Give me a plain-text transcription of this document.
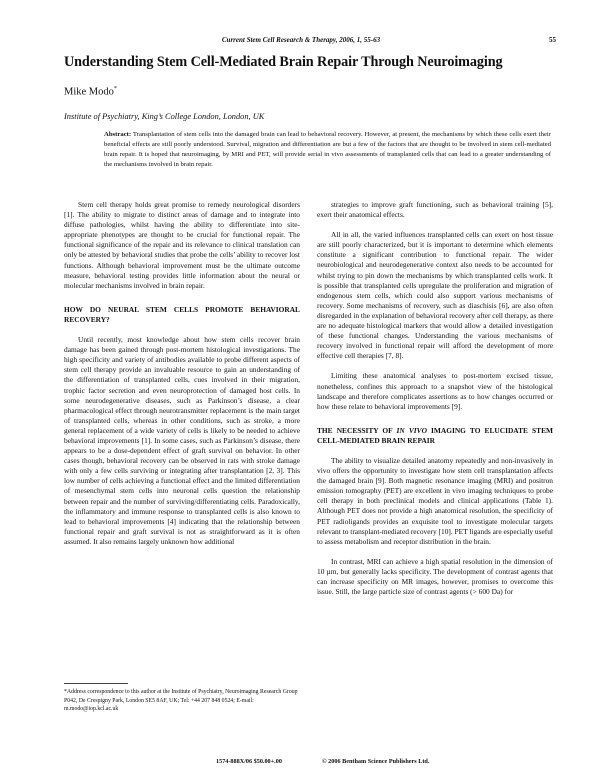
Current Stem Cell Research & Therapy, 2006, 1, 55-63	55
Understanding Stem Cell-Mediated Brain Repair Through Neuroimaging
Mike Modo*
Institute of Psychiatry, King’s College London, London, UK
Abstract: Transplantation of stem cells into the damaged brain can lead to behavioral recovery. However, at present, the mechanisms by which these cells exert their beneficial effects are still poorly understood. Survival, migration and differentiation are but a few of the factors that are thought to be involved in stem cell-mediated brain repair. It is hoped that neuroimaging, by MRI and PET, will provide serial in vivo assessments of transplanted cells that can lead to a greater understanding of the mechanisms involved in brain repair.

Stem cell therapy holds great promise to remedy neurological disorders [1]. The ability to migrate to distinct areas of damage and to integrate into diffuse pathologies, whilst having the ability to differentiate into site-appropriate phenotypes are thought to be crucial for functional repair. The functional significance of the repair and its relevance to clinical translation can only be attested by behavioral studies that probe the cells’ ability to recover lost functions. Although behavioral improvement must be the ultimate outcome measure, behavioral testing provides little information about the neural or molecular mechanisms involved in brain repair.

HOW DO NEURAL STEM CELLS PROMOTE BEHAVIORAL RECOVERY?

Until recently, most knowledge about how stem cells recover brain damage has been gained through post-mortem histological investigations. The high specificity and variety of antibodies available to probe different aspects of stem cell therapy provide an invaluable resource to gain an understanding of the differentiation of transplanted cells, cues involved in their migration, trophic factor secretion and even neuroprotection of damaged host cells. In some neurodegenerative diseases, such as Parkinson’s disease, a clear pharmacological effect through neurotransmitter replacement is the main target of transplanted cells, whereas in other conditions, such as stroke, a more general replacement of a wide variety of cells is likely to be needed to achieve behavioral improvements [1]. In some cases, such as Parkinson’s disease, there appears to be a dose-dependent effect of graft survival on behavior. In other cases though, behavioral recovery can be observed in rats with stroke damage with only a few cells surviving or integrating after transplantation [2, 3]. This low number of cells achieving a functional effect and the limited differentiation of mesenchymal stem cells into neuronal cells question the relationship between repair and the number of surviving/differentiating cells. Paradoxically, the inflammatory and immune response to transplanted cells is also known to lead to behavioral improvements [4] indicating that the relationship between functional repair and graft survival is not as straightforward as it is often assumed. It also remains largely unknown how additional

strategies to improve graft functioning, such as behavioral training [5], exert their anatomical effects.

All in all, the varied influences transplanted cells can exert on host tissue are still poorly characterized, but it is important to determine which elements constitute a significant contribution to functional repair. The wider neurobiological and neurodegenerative context also needs to be accounted for whilst trying to pin down the mechanisms by which transplanted cells work. It is possible that transplanted cells upregulate the proliferation and migration of endogenous stem cells, which could also support various mechanisms of recovery. Some mechanisms of recovery, such as diaschisis [6], are also often disregarded in the explanation of behavioral recovery after cell therapy, as there are no adequate histological markers that would allow a detailed investigation of these functional changes. Understanding the various mechanisms of recovery involved in functional repair will afford the development of more effective cell therapies [7, 8].

Limiting these anatomical analyses to post-mortem excised tissue, nonetheless, confines this approach to a snapshot view of the histological landscape and therefore complicates assertions as to how changes occurred or how these relate to behavioral improvements [9].

THE NECESSITY OF IN VIVO IMAGING TO ELUCIDATE STEM CELL-MEDIATED BRAIN REPAIR

The ability to visualize detailed anatomy repeatedly and non-invasively in vivo offers the opportunity to investigate how stem cell transplantation affects the damaged brain [9]. Both magnetic resonance imaging (MRI) and positron emission tomography (PET) are excellent in vivo imaging techniques to probe cell therapy in both preclinical models and clinical applications (Table 1). Although PET does not provide a high anatomical resolution, the specificity of PET radioligands provides an exquisite tool to investigate molecular targets relevant to transplant-mediated recovery [10]. PET ligands are especially useful to assess metabolism and receptor distribution in the brain.

In contrast, MRI can achieve a high spatial resolution in the dimension of 10 µm, but generally lacks specificity. The development of contrast agents that can increase specificity on MR images, however, promises to overcome this issue. Still, the large particle size of contrast agents (> 600 Da) for

*Address correspondence to this author at the Institute of Psychiatry, Neuroimaging Research Group P042, De Crespigny Park, London SE5 8AF, UK; Tel: +44 207 848 0524; E-mail: m.modo@iop.kcl.ac.uk
1574-888X/06 $50.00+.00	© 2006 Bentham Science Publishers Ltd.
